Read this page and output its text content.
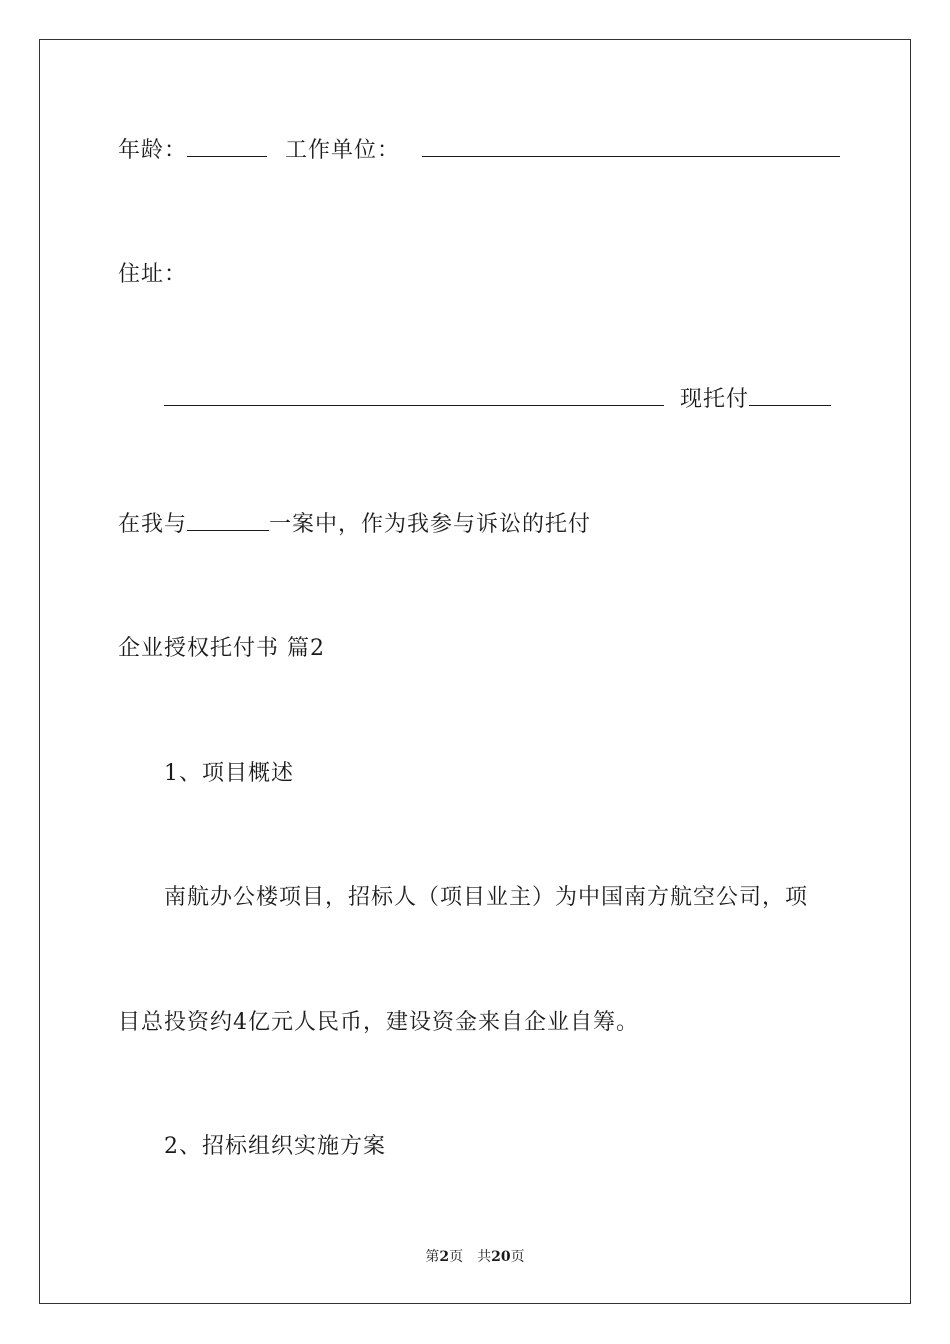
年龄：	工作单位：
住址：
现托付
在我与	一案中，作为我参与诉讼的托付
企业授权托付书 篇2
1、项目概述
南航办公楼项目，招标人（项目业主）为中国南方航空公司，项
目总投资约4亿元人民币，建设资金来自企业自筹。
2、招标组织实施方案
第2页　共20页
